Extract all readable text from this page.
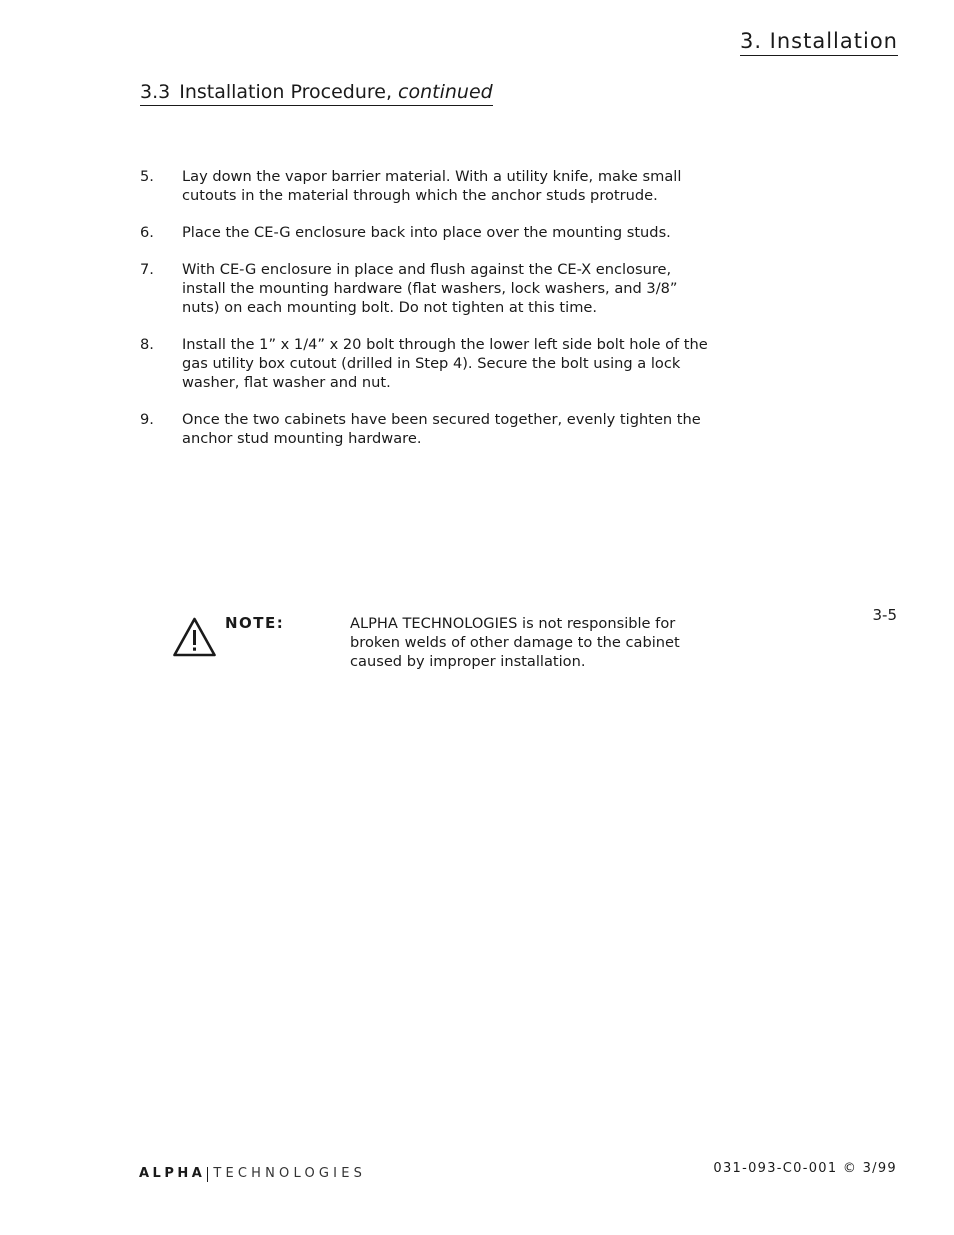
3. Installation
3.3 Installation Procedure, continued
5.	Lay down the vapor barrier material. With a utility knife, make small
cutouts in the material through which the anchor studs protrude.
6.	Place the CE-G enclosure back into place over the mounting studs.
7.	With CE-G enclosure in place and flush against the CE-X enclosure,
install the mounting hardware (flat washers, lock washers, and 3/8”
nuts) on each mounting bolt. Do not tighten at this time.
8.	Install the 1” x 1/4” x 20 bolt through the lower left side bolt hole of the
gas utility box cutout (drilled in Step 4). Secure the bolt using a lock
washer, flat washer and nut.
9.	Once the two cabinets have been secured together, evenly tighten the
anchor stud mounting hardware.
NOTE:	ALPHA TECHNOLOGIES is not responsible for
broken welds of other damage to the cabinet
caused by improper installation.
3-5
ALPHA TECHNOLOGIES	031-093-C0-001 © 3/99
